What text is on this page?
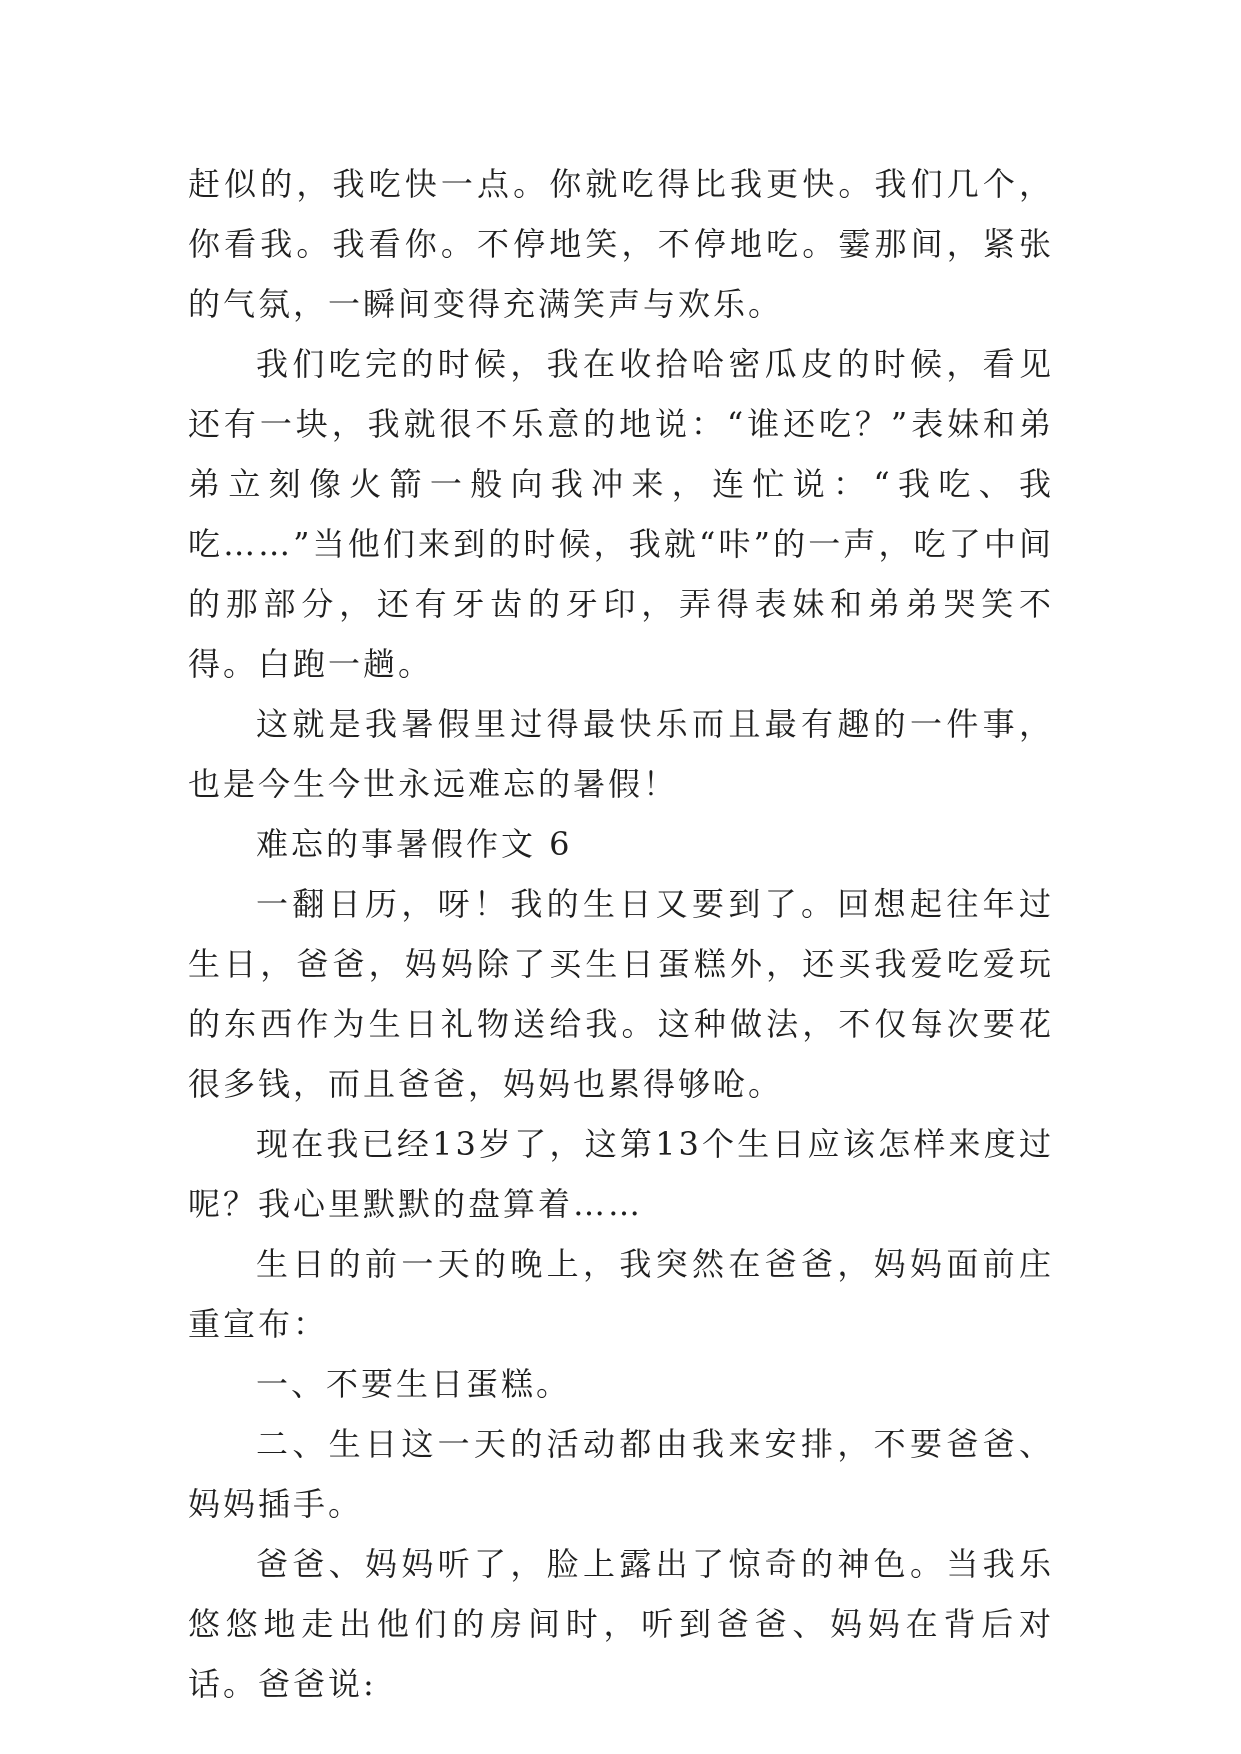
赶似的，我吃快一点。你就吃得比我更快。我们几个，你看我。我看你。不停地笑，不停地吃。霎那间，紧张的气氛，一瞬间变得充满笑声与欢乐。

我们吃完的时候，我在收拾哈密瓜皮的时候，看见还有一块，我就很不乐意的地说：“谁还吃？”表妹和弟弟立刻像火箭一般向我冲来，连忙说：“我吃、我吃……”当他们来到的时候，我就“咔”的一声，吃了中间的那部分，还有牙齿的牙印，弄得表妹和弟弟哭笑不得。白跑一趟。

这就是我暑假里过得最快乐而且最有趣的一件事，也是今生今世永远难忘的暑假！

难忘的事暑假作文 6

一翻日历，呀！我的生日又要到了。回想起往年过生日，爸爸，妈妈除了买生日蛋糕外，还买我爱吃爱玩的东西作为生日礼物送给我。这种做法，不仅每次要花很多钱，而且爸爸，妈妈也累得够呛。

现在我已经13岁了，这第13个生日应该怎样来度过呢？我心里默默的盘算着……

生日的前一天的晚上，我突然在爸爸，妈妈面前庄重宣布：

一、不要生日蛋糕。

二、生日这一天的活动都由我来安排，不要爸爸、妈妈插手。

爸爸、妈妈听了，脸上露出了惊奇的神色。当我乐悠悠地走出他们的房间时，听到爸爸、妈妈在背后对话。爸爸说:
